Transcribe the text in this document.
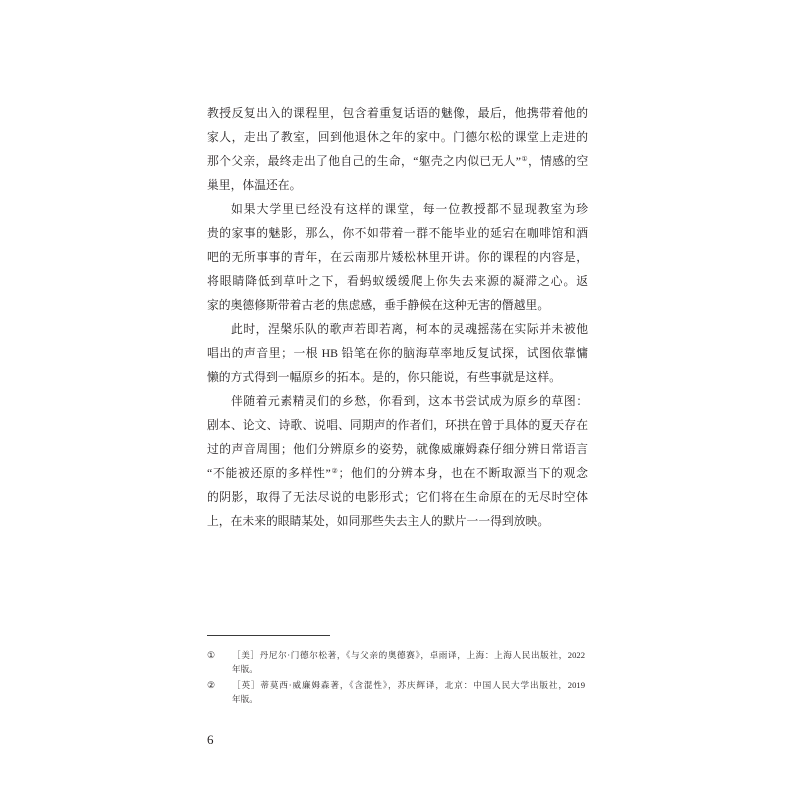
教授反复出入的课程里，包含着重复话语的魅像，最后，他携带着他的
家人，走出了教室，回到他退休之年的家中。门德尔松的课堂上走进的
那个父亲，最终走出了他自己的生命，“躯壳之内似已无人”①，情感的空
巢里，体温还在。

如果大学里已经没有这样的课堂，每一位教授都不显现教室为珍
贵的家事的魅影，那么，你不如带着一群不能毕业的延宕在咖啡馆和酒
吧的无所事事的青年，在云南那片矮松林里开讲。你的课程的内容是，
将眼睛降低到草叶之下，看蚂蚁缓缓爬上你失去来源的凝滞之心。返
家的奥德修斯带着古老的焦虑感，垂手静候在这种无害的僭越里。

此时，涅槃乐队的歌声若即若离，柯本的灵魂摇荡在实际并未被他
唱出的声音里；一根 HB 铅笔在你的脑海草率地反复试探，试图依靠慵
懒的方式得到一幅原乡的拓本。是的，你只能说，有些事就是这样。

伴随着元素精灵们的乡愁，你看到，这本书尝试成为原乡的草图：
剧本、论文、诗歌、说唱、同期声的作者们，环拱在曾于具体的夏天存在
过的声音周围；他们分辨原乡的姿势，就像威廉姆森仔细分辨日常语言
“不能被还原的多样性”②；他们的分辨本身，也在不断取源当下的观念
的阴影，取得了无法尽说的电影形式；它们将在生命原在的无尽时空体
上，在未来的眼睛某处，如同那些失去主人的默片一一得到放映。

① ［美］丹尼尔·门德尔松著，《与父亲的奥德赛》，卓雨译，上海：上海人民出版社，2022
年版。
② ［英］蒂莫西·威廉姆森著，《含混性》，苏庆辉译，北京：中国人民大学出版社，2019
年版。
6
